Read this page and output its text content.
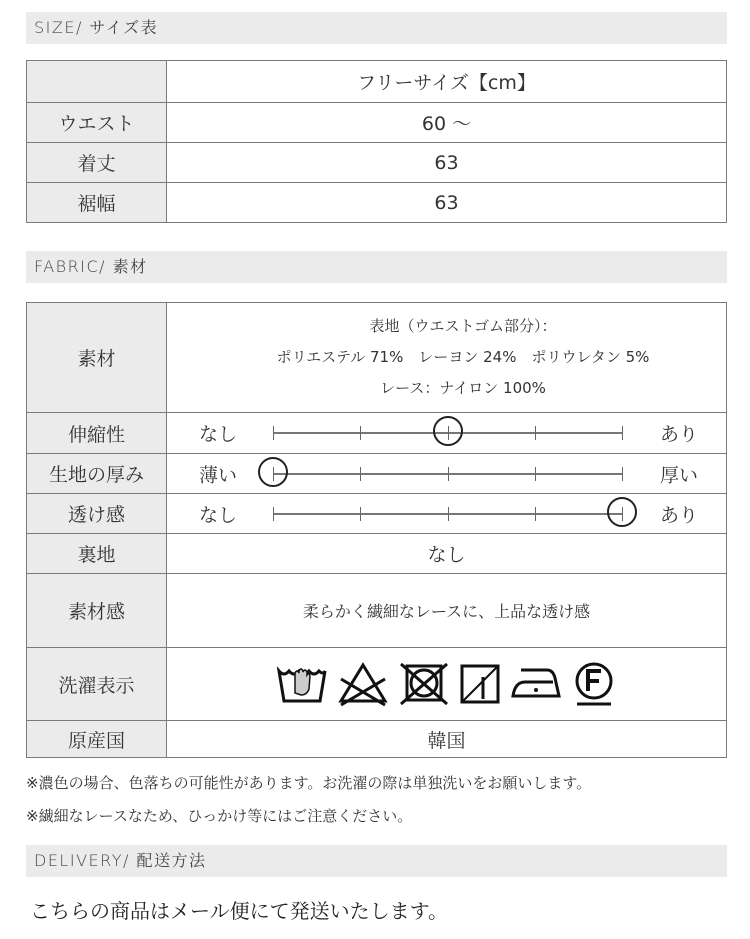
SIZE/ サイズ表
	フリーサイズ【cm】
ウエスト	60 〜
着丈	63
裾幅	63
FABRIC/ 素材
素材	表地（ウエストゴム部分）：
ポリエステル 71%　レーヨン 24%　ポリウレタン 5%
レース：ナイロン 100%

伸縮性	なし あり

生地の厚み	薄い 厚い

透け感	なし あり

裏地	なし
素材感	柔らかく繊細なレースに、上品な透け感
洗濯表示	

原産国	韓国
※濃色の場合、色落ちの可能性があります。お洗濯の際は単独洗いをお願いします。
※繊細なレースなため、ひっかけ等にはご注意ください。
DELIVERY/ 配送方法
こちらの商品はメール便にて発送いたします。
